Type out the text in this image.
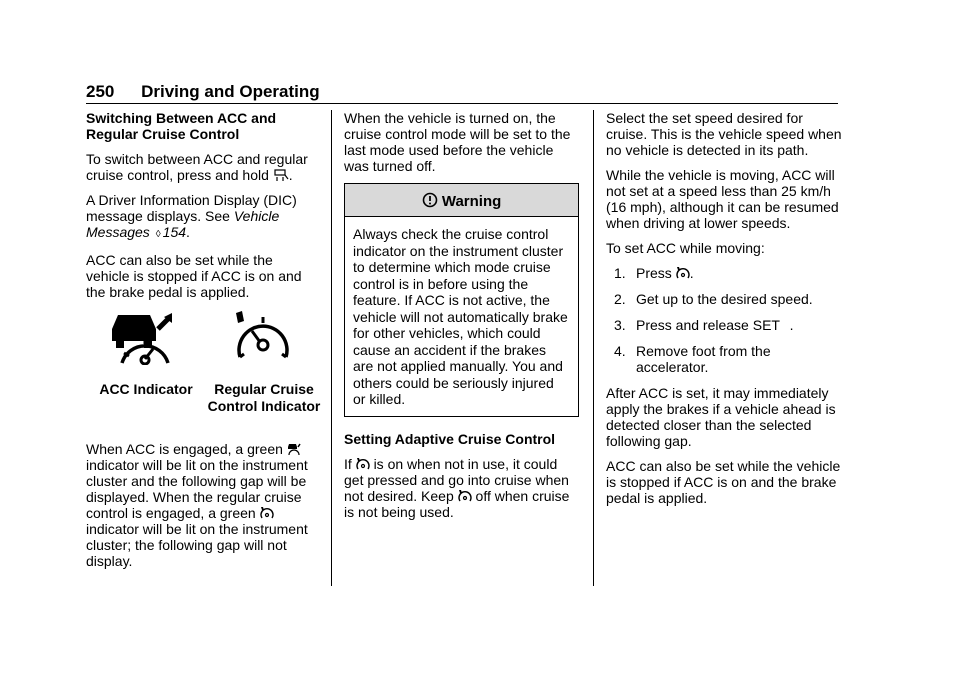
250 Driving and Operating

Switching Between ACC and Regular Cruise Control

To switch between ACC and regular cruise control, press and hold .

A Driver Information Display (DIC) message displays. See Vehicle Messages ◊ 154.

ACC can also be set while the vehicle is stopped if ACC is on and the brake pedal is applied.

ACC Indicator	Regular Cruise
Control Indicator

When ACC is engaged, a green  indicator will be lit on the instrument cluster and the following gap will be displayed. When the regular cruise control is engaged, a green  indicator will be lit on the instrument cluster; the following gap will not display.

When the vehicle is turned on, the cruise control mode will be set to the last mode used before the vehicle was turned off.

Warning
Always check the cruise control indicator on the instrument cluster to determine which mode cruise control is in before using the feature. If ACC is not active, the vehicle will not automatically brake for other vehicles, which could cause an accident if the brakes are not applied manually. You and others could be seriously injured or killed.

Setting Adaptive Cruise Control

If is on when not in use, it could get pressed and go into cruise when not desired. Keep off when cruise is not being used.

Select the set speed desired for cruise. This is the vehicle speed when no vehicle is detected in its path.

While the vehicle is moving, ACC will not set at a speed less than 25 km/h (16 mph), although it can be resumed when driving at lower speeds.

To set ACC while moving:

1. Press .
2. Get up to the desired speed.
3. Press and release SET .
4. Remove foot from the accelerator.

After ACC is set, it may immediately apply the brakes if a vehicle ahead is detected closer than the selected following gap.

ACC can also be set while the vehicle is stopped if ACC is on and the brake pedal is applied.
